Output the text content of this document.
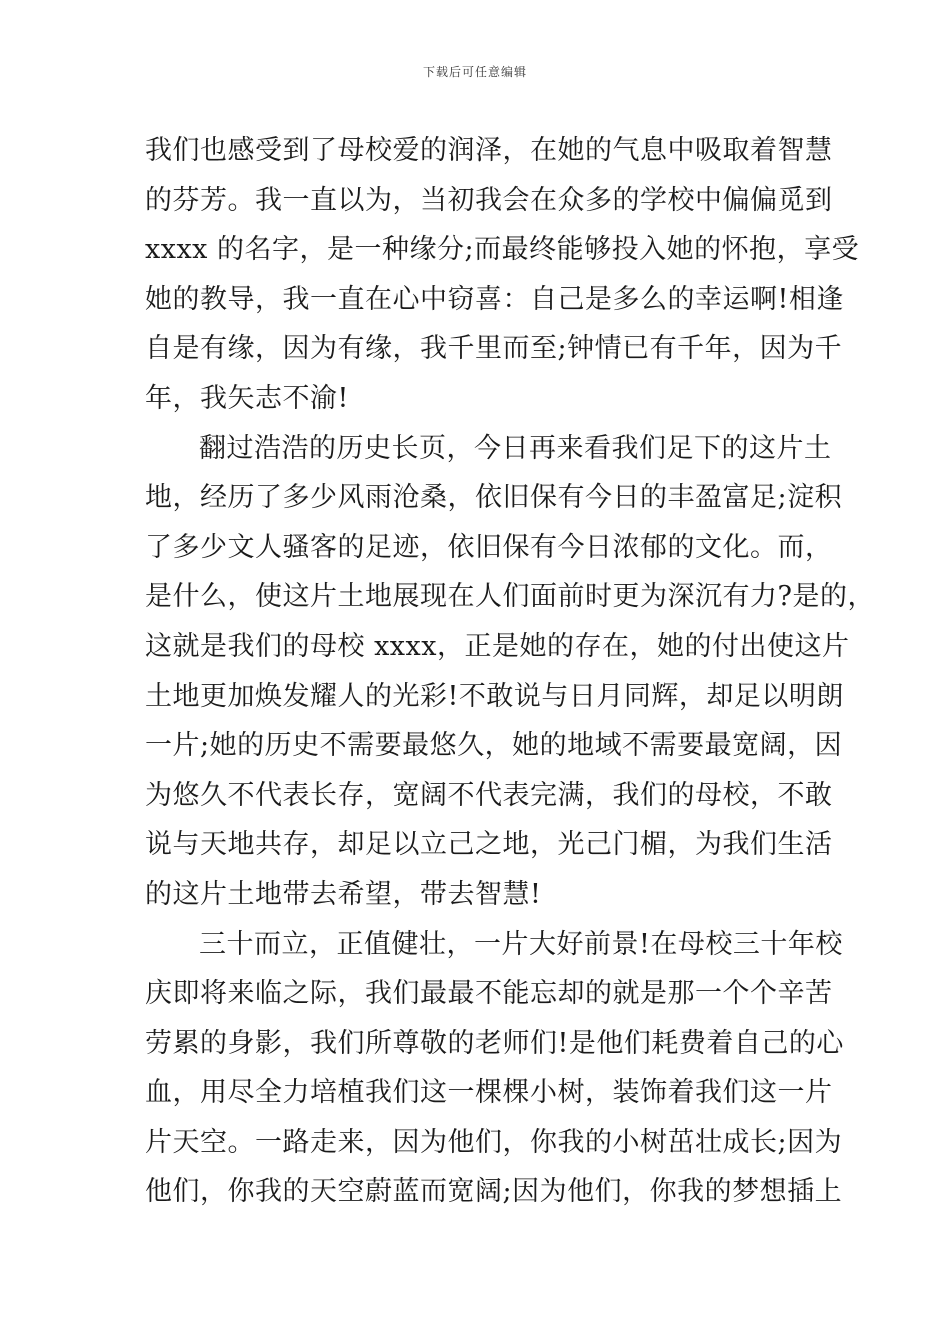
下载后可任意编辑
我们也感受到了母校爱的润泽，在她的气息中吸取着智慧
的芬芳。我一直以为，当初我会在众多的学校中偏偏觅到
xxxx 的名字，是一种缘分;而最终能够投入她的怀抱，享受
她的教导，我一直在心中窃喜：自己是多么的幸运啊!相逢
自是有缘，因为有缘，我千里而至;钟情已有千年，因为千
年，我矢志不渝!
翻过浩浩的历史长页，今日再来看我们足下的这片土
地，经历了多少风雨沧桑，依旧保有今日的丰盈富足;淀积
了多少文人骚客的足迹，依旧保有今日浓郁的文化。而，
是什么，使这片土地展现在人们面前时更为深沉有力?是的，
这就是我们的母校 xxxx，正是她的存在，她的付出使这片
土地更加焕发耀人的光彩!不敢说与日月同辉，却足以明朗
一片;她的历史不需要最悠久，她的地域不需要最宽阔，因
为悠久不代表长存，宽阔不代表完满，我们的母校，不敢
说与天地共存，却足以立己之地，光己门楣，为我们生活
的这片土地带去希望，带去智慧!
三十而立，正值健壮，一片大好前景!在母校三十年校
庆即将来临之际，我们最最不能忘却的就是那一个个辛苦
劳累的身影，我们所尊敬的老师们!是他们耗费着自己的心
血，用尽全力培植我们这一棵棵小树，装饰着我们这一片
片天空。一路走来，因为他们，你我的小树茁壮成长;因为
他们，你我的天空蔚蓝而宽阔;因为他们，你我的梦想插上
